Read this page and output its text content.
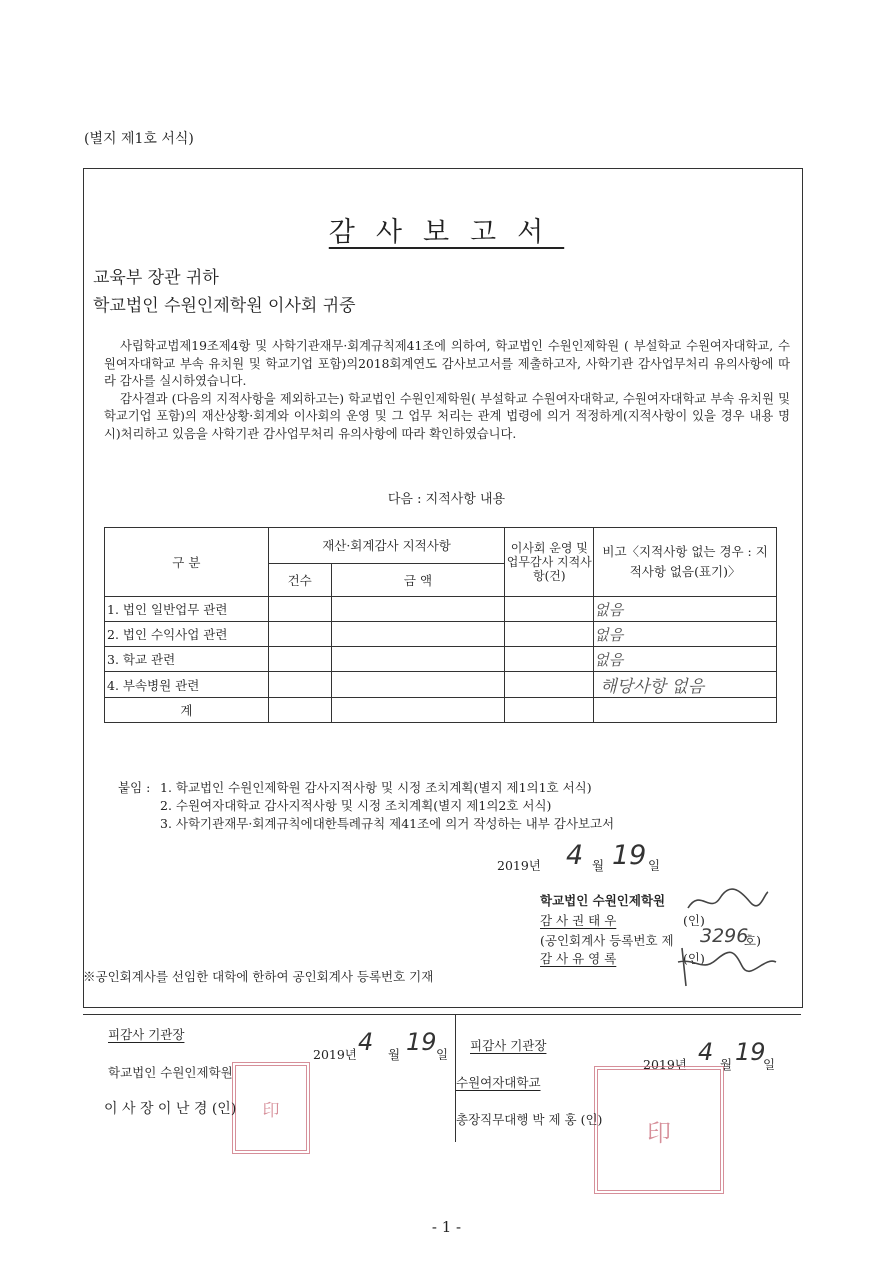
(별지 제1호 서식)
감사보고서
교육부 장관 귀하
학교법인 수원인제학원 이사회 귀중

사립학교법제19조제4항 및 사학기관재무·회계규칙제41조에 의하여, 학교법인 수원인제학원 ( 부설학교 수원여자대학교, 수원여자대학교 부속 유치원 및 학교기업 포함)의2018회계연도 감사보고서를 제출하고자, 사학기관 감사업무처리 유의사항에 따라 감사를 실시하였습니다.

감사결과 (다음의 지적사항을 제외하고는) 학교법인 수원인제학원( 부설학교 수원여자대학교, 수원여자대학교 부속 유치원 및 학교기업 포함)의 재산상황·회계와 이사회의 운영 및 그 업무 처리는 관계 법령에 의거 적정하게(지적사항이 있을 경우 내용 명시)처리하고 있음을 사학기관 감사업무처리 유의사항에 따라 확인하였습니다.

다음 : 지적사항 내용
구 분	재산·회계감사 지적사항		이사회 운영 및 업무감사 지적사항(건)	비고〈지적사항 없는 경우 : 지적사항 없음(표기)〉
	건수	금 액		
1. 법인 일반업무 관련				없음
2. 법인 수익사업 관련				없음
3. 학교 관련				없음
4. 부속병원 관련				해당사항 없음
계				
붙임 : 1. 학교법인 수원인제학원 감사지적사항 및 시정 조치계획(별지 제1의1호 서식)
2. 수원여자대학교 감사지적사항 및 시정 조치계획(별지 제1의2호 서식)
3. 사학기관재무·회계규칙에대한특례규칙 제41조에 의거 작성하는 내부 감사보고서
2019년 4 월 19 일
학교법인 수원인제학원
감 사 권 태 우	(인)
(공인회계사 등록번호 제 3296
호)
감 사 유 영 록	(인)
※공인회계사를 선임한 대학에 한하여 공인회계사 등록번호 기재
피감사 기관장
2019년 4 월 19 일
印
학교법인 수원인제학원
이 사 장 이 난 경 (인)
피감사 기관장
2019년 4 월 19
일
印
수원여자대학교
총장직무대행 박 제 홍 (인)
- 1 -
